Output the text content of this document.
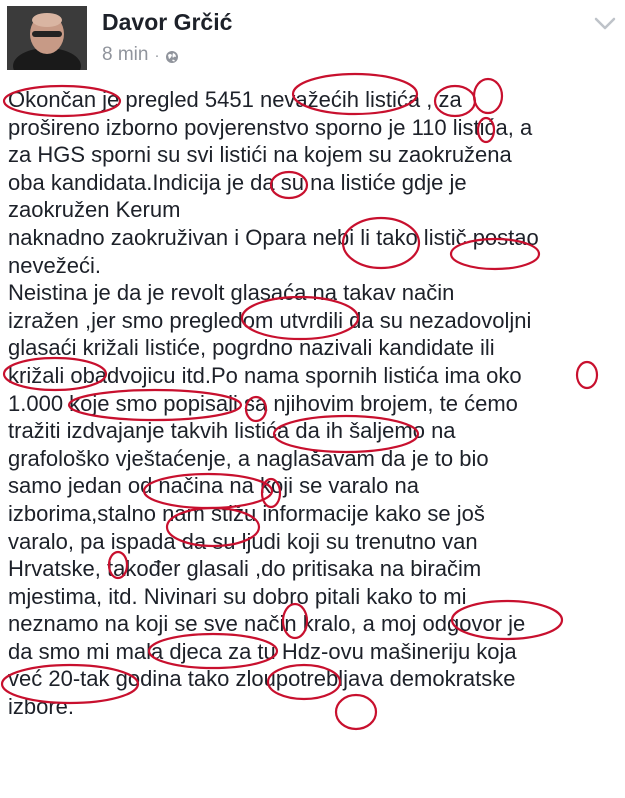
Davor Grčić
8 min ·
Okončan je pregled 5451 nevažećih listića , za
prošireno izborno povjerenstvo sporno je 110 listića, a
za HGS sporni su svi listići na kojem su zaokružena
oba kandidata.Indicija je da su na listiće gdje je
zaokružen Kerum
naknadno zaokruživan i Opara nebi li tako listič postao
nevežeći.
Neistina je da je revolt glasaća na takav način
izražen ,jer smo pregledom utvrdili da su nezadovoljni
glasaći križali listiće, pogrdno nazivali kandidate ili
križali obadvojicu itd.Po nama spornih listića ima oko
1.000 koje smo popisali sa njihovim brojem, te ćemo
tražiti izdvajanje takvih listića da ih šaljemo na
grafološko vještaćenje, a naglašavam da je to bio
samo jedan od načina na koji se varalo na
izborima,stalno nam stižu informacije kako se još
varalo, pa ispada da su ljudi koji su trenutno van
Hrvatske, također glasali ,do pritisaka na biračim
mjestima, itd. Nivinari su dobro pitali kako to mi
neznamo na koji se sve način kralo, a moj odgovor je
da smo mi mala djeca za tu Hdz-ovu mašineriju koja
već 20-tak godina tako zloupotrebljava demokratske
izbore.
